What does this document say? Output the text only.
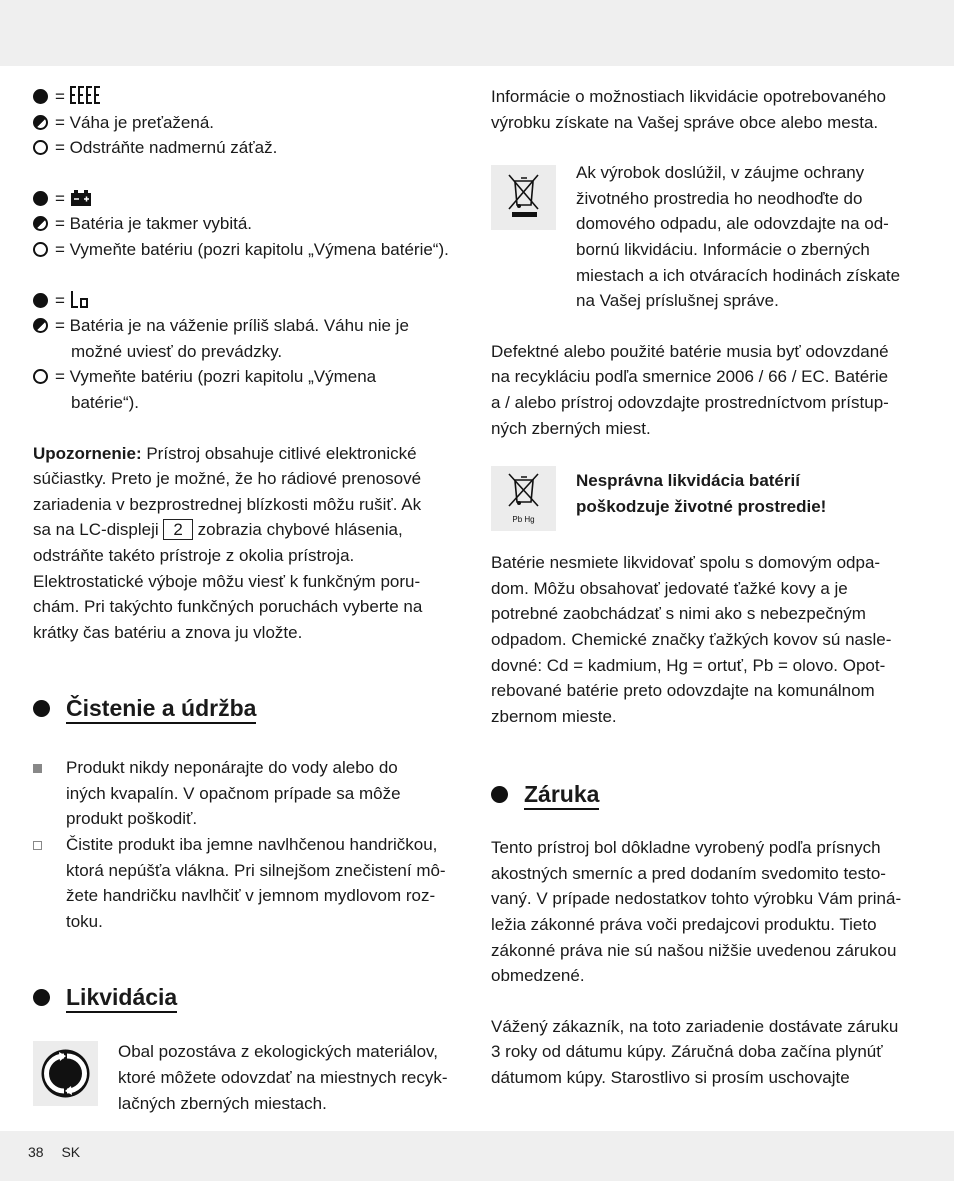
=
= Váha je preťažená.
= Odstráňte nadmernú záťaž.
=
= Batéria je takmer vybitá.
= Vymeňte batériu (pozri kapitolu „Výmena batérie“).
=
= Batéria je na váženie príliš slabá. Váhu nie je

možné uviesť do prevádzky.

= Vymeňte batériu (pozri kapitolu „Výmena

batérie“).

Upozornenie: Prístroj obsahuje citlivé elektronické

súčiastky. Preto je možné, že ho rádiové prenosové

zariadenia v bezprostrednej blízkosti môžu rušiť. Ak

sa na LC-displeji 2 zobrazia chybové hlásenia,

odstráňte takéto prístroje z okolia prístroja.

Elektrostatické výboje môžu viesť k funkčným poru-

chám. Pri takýchto funkčných poruchách vyberte na

krátky čas batériu a znova ju vložte.

Čistenie a údržba

Produkt nikdy neponárajte do vody alebo do

iných kvapalín. V opačnom prípade sa môže

produkt poškodiť.

Čistite produkt iba jemne navlhčenou handričkou,

ktorá nepúšťa vlákna. Pri silnejšom znečistení mô-

žete handričku navlhčiť v jemnom mydlovom roz-

toku.

Likvidácia

Obal pozostáva z ekologických materiálov,

ktoré môžete odovzdať na miestnych recyk-

lačných zberných miestach.

Informácie o možnostiach likvidácie opotrebovaného

výrobku získate na Vašej správe obce alebo mesta.

Ak výrobok doslúžil, v záujme ochrany

životného prostredia ho neodhoďte do

domového odpadu, ale odovzdajte na od-

bornú likvidáciu. Informácie o zberných

miestach a ich otváracích hodinách získate

na Vašej príslušnej správe.

Defektné alebo použité batérie musia byť odovzdané

na recykláciu podľa smernice 2006 / 66 / EC. Batérie

a / alebo prístroj odovzdajte prostredníctvom prístup-

ných zberných miest.

Pb Hg

Nesprávna likvidácia batérií

poškodzuje životné prostredie!

Batérie nesmiete likvidovať spolu s domovým odpa-

dom. Môžu obsahovať jedovaté ťažké kovy a je

potrebné zaobchádzať s nimi ako s nebezpečným

odpadom. Chemické značky ťažkých kovov sú nasle-

dovné: Cd = kadmium, Hg = ortuť, Pb = olovo. Opot-

rebované batérie preto odovzdajte na komunálnom

zbernom mieste.

Záruka

Tento prístroj bol dôkladne vyrobený podľa prísnych

akostných smerníc a pred dodaním svedomito testo-

vaný. V prípade nedostatkov tohto výrobku Vám priná-

ležia zákonné práva voči predajcovi produktu. Tieto

zákonné práva nie sú našou nižšie uvedenou zárukou

obmedzené.

Vážený zákazník, na toto zariadenie dostávate záruku

3 roky od dátumu kúpy. Záručná doba začína plynúť

dátumom kúpy. Starostlivo si prosím uschovajte

38 SK
